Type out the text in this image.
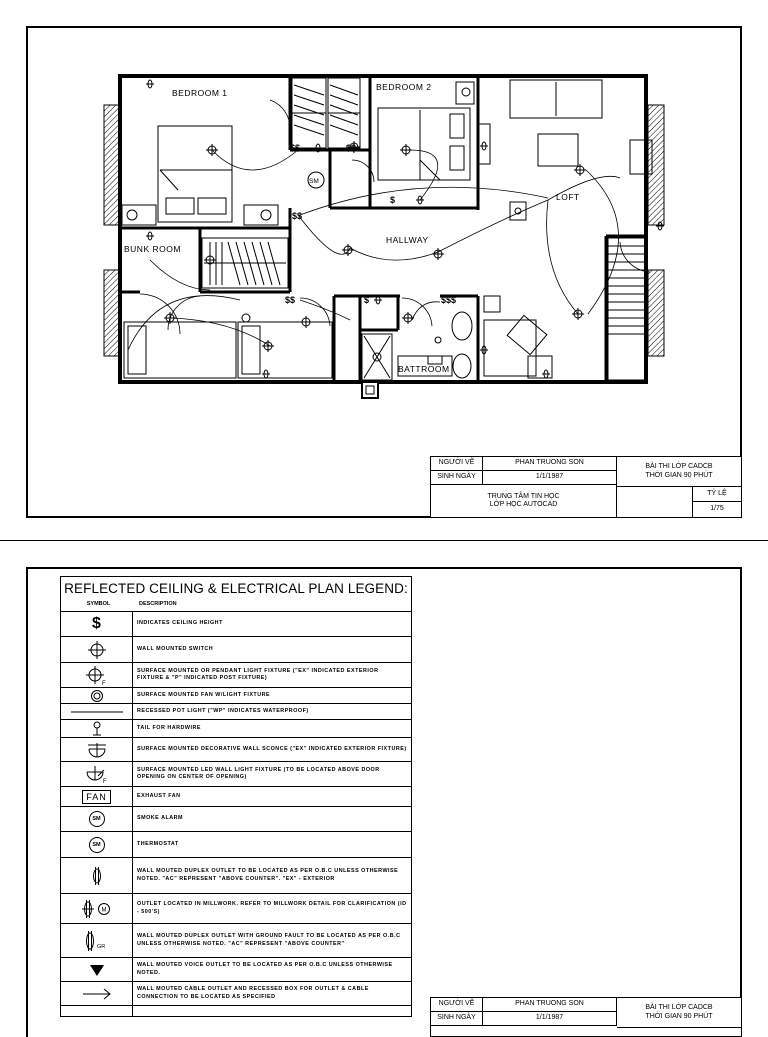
BEDROOM 1
BEDROOM 2
LOFT
BUNK ROOM
HALLWAY
BATTROOM
$$	$$
$
$$	$	$$$
$$
SM
NGƯỜI VẼ	PHAN TRUONG SON
SINH NGÀY	1/1/1987
TRUNG TÂM TIN HỌC
LỚP HỌC AUTOCAD
BÀI THI LỚP CADCB
THỜI GIAN 90 PHÚT
TỶ LỆ
1/75
REFLECTED CEILING & ELECTRICAL PLAN LEGEND:
SYMBOL	DESCRIPTION
$	INDICATES CEILING HEIGHT
WALL MOUNTED SWITCH
F
SURFACE MOUNTED OR PENDANT LIGHT FIXTURE ("EX" INDICATED EXTERIOR FIXTURE & "P" INDICATED POST FIXTURE)
SURFACE MOUNTED FAN W/LIGHT FIXTURE
RECESSED POT LIGHT ("WP" INDICATES WATERPROOF)
TAIL FOR HARDWIRE
SURFACE MOUNTED DECORATIVE WALL SCONCE ("EX" INDICATED EXTERIOR FIXTURE)
F
SURFACE MOUNTED LED WALL LIGHT FIXTURE (TO BE LOCATED ABOVE DOOR OPENING ON CENTER OF OPENING)
FAN	EXHAUST FAN
SM	SMOKE ALARM
SM	THERMOSTAT
WALL MOUTED DUPLEX OUTLET TO BE LOCATED AS PER O.B.C UNLESS OTHERWISE NOTED. "AC" REPRESENT "ABOVE COUNTER". "EX" - EXTERIOR
M
OUTLET LOCATED IN MILLWORK. REFER TO MILLWORK DETAIL FOR CLARIFICATION (ID - 500'S)
GR
WALL MOUTED DUPLEX OUTLET WITH GROUND FAULT TO BE LOCATED AS PER O.B.C UNLESS OTHERWISE NOTED. "AC" REPRESENT "ABOVE COUNTER"
WALL MOUTED VOICE OUTLET TO BE LOCATED AS PER O.B.C UNLESS OTHERWISE NOTED.
WALL MOUTED CABLE OUTLET AND RECESSED BOX FOR OUTLET & CABLE CONNECTION TO BE LOCATED AS SPECIFIED
NGƯỜI VẼ	PHAN TRUONG SON
SINH NGÀY	1/1/1987
BÀI THI LỚP CADCB
THỜI GIAN 90 PHÚT
